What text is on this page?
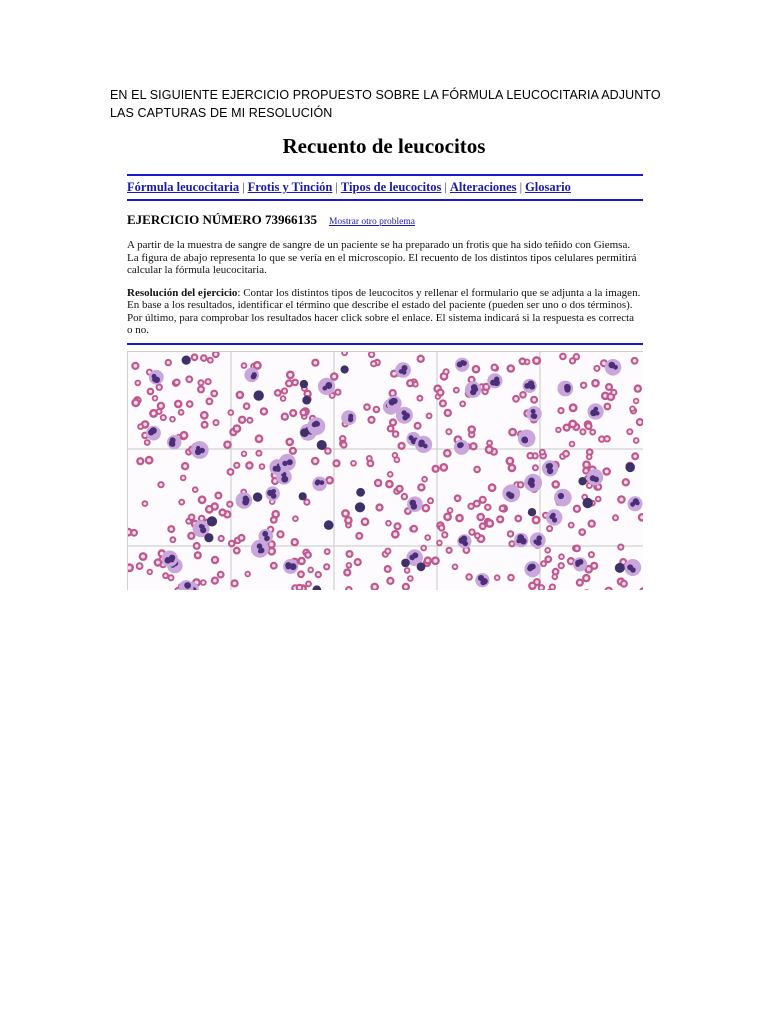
EN EL SIGUIENTE EJERCICIO PROPUESTO SOBRE LA FÓRMULA LEUCOCITARIA ADJUNTO LAS CAPTURAS DE MI RESOLUCIÓN
Recuento de leucocitos
Fórmula leucocitaria | Frotis y Tinción | Tipos de leucocitos | Alteraciones | Glosario
EJERCICIO NÚMERO 73966135 Mostrar otro problema
A partir de la muestra de sangre de sangre de un paciente se ha preparado un frotis que ha sido teñido con Giemsa. La figura de abajo representa lo que se vería en el microscopio. El recuento de los distintos tipos celulares permitirá calcular la fórmula leucocitaria.
Resolución del ejercicio: Contar los distintos tipos de leucocitos y rellenar el formulario que se adjunta a la imagen. En base a los resultados, identificar el término que describe el estado del paciente (pueden ser uno o dos términos). Por último, para comprobar los resultados hacer click sobre el enlace. El sistema indicará si la respuesta es correcta o no.
